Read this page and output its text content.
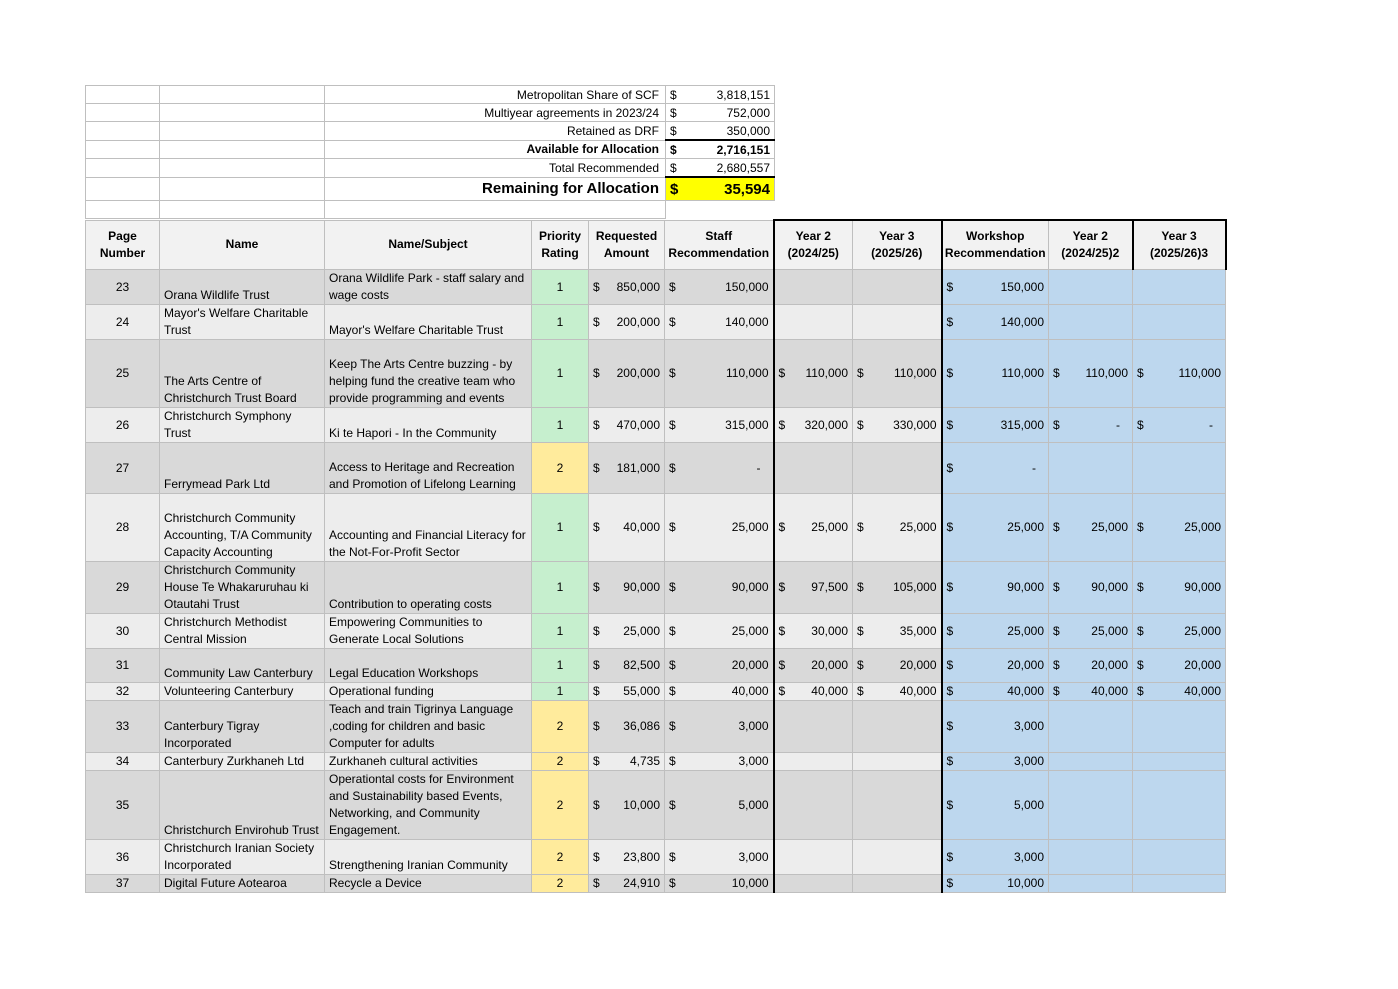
		Metropolitan Share of SCF	$ 3,818,151

		Multiyear agreements in 2023/24	$ 752,000

		Retained as DRF	$ 350,000

		Available for Allocation	$ 2,716,151

		Total Recommended	$ 2,680,557

		Remaining for Allocation	$ 35,594

Page Number	Name	Name/Subject	Priority Rating	Requested Amount	Staff Recommendation	Year 2 (2024/25)	Year 3 (2025/26)	Workshop Recommendation	Year 2 (2024/25)2	Year 3 (2025/26)3
23	Orana Wildlife Trust	Orana Wildlife Park - staff salary and wage costs	1	$ 850,000	$ 150,000			$ 150,000		

24	Mayor's Welfare Charitable Trust	Mayor's Welfare Charitable Trust	1	$ 200,000	$ 140,000			$ 140,000		

25	The Arts Centre of Christchurch Trust Board	Keep The Arts Centre buzzing - by helping fund the creative team who provide programming and events	1	$ 200,000	$ 110,000	$ 110,000	$ 110,000	$ 110,000	$ 110,000	$ 110,000

26	Christchurch Symphony Trust	Ki te Hapori - In the Community	1	$ 470,000	$ 315,000	$ 320,000	$ 330,000	$ 315,000	$ -	$ -

27	Ferrymead Park Ltd	Access to Heritage and Recreation and Promotion of Lifelong Learning	2	$ 181,000	$ -			$ -		

28	Christchurch Community Accounting, T/A Community Capacity Accounting	Accounting and Financial Literacy for the Not-For-Profit Sector	1	$ 40,000	$ 25,000	$ 25,000	$ 25,000	$ 25,000	$ 25,000	$ 25,000

29	Christchurch Community House Te Whakaruruhau ki Otautahi Trust	Contribution to operating costs	1	$ 90,000	$ 90,000	$ 97,500	$ 105,000	$ 90,000	$ 90,000	$ 90,000

30	Christchurch Methodist Central Mission	Empowering Communities to Generate Local Solutions	1	$ 25,000	$ 25,000	$ 30,000	$ 35,000	$ 25,000	$ 25,000	$ 25,000

31	Community Law Canterbury	Legal Education Workshops	1	$ 82,500	$ 20,000	$ 20,000	$ 20,000	$ 20,000	$ 20,000	$ 20,000

32	Volunteering Canterbury	Operational funding	1	$ 55,000	$ 40,000	$ 40,000	$ 40,000	$ 40,000	$ 40,000	$ 40,000

33	Canterbury Tigray Incorporated	Teach and train Tigrinya Language ,coding for children and basic Computer for adults	2	$ 36,086	$ 3,000			$ 3,000		

34	Canterbury Zurkhaneh Ltd	Zurkhaneh cultural activities	2	$ 4,735	$ 3,000			$ 3,000		

35	Christchurch Envirohub Trust	Operationtal costs for Environment and Sustainability based Events, Networking, and Community Engagement.	2	$ 10,000	$ 5,000			$ 5,000		

36	Christchurch Iranian Society Incorporated	Strengthening Iranian Community	2	$ 23,800	$ 3,000			$ 3,000		

37	Digital Future Aotearoa	Recycle a Device	2	$ 24,910	$ 10,000			$ 10,000		
